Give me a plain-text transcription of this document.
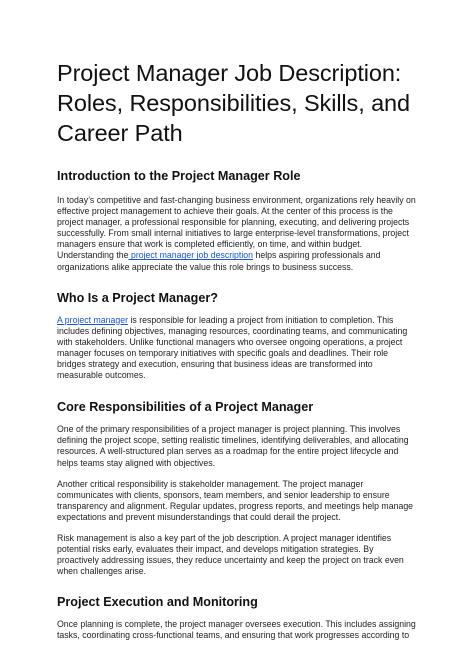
Project Manager Job Description:
Roles, Responsibilities, Skills, and
Career Path
Introduction to the Project Manager Role

In today’s competitive and fast-changing business environment, organizations rely heavily on
effective project management to achieve their goals. At the center of this process is the
project manager, a professional responsible for planning, executing, and delivering projects
successfully. From small internal initiatives to large enterprise-level transformations, project
managers ensure that work is completed efficiently, on time, and within budget.
Understanding the project manager job description helps aspiring professionals and
organizations alike appreciate the value this role brings to business success.

Who Is a Project Manager?

A project manager is responsible for leading a project from initiation to completion. This
includes defining objectives, managing resources, coordinating teams, and communicating
with stakeholders. Unlike functional managers who oversee ongoing operations, a project
manager focuses on temporary initiatives with specific goals and deadlines. Their role
bridges strategy and execution, ensuring that business ideas are transformed into
measurable outcomes.

Core Responsibilities of a Project Manager

One of the primary responsibilities of a project manager is project planning. This involves
defining the project scope, setting realistic timelines, identifying deliverables, and allocating
resources. A well-structured plan serves as a roadmap for the entire project lifecycle and
helps teams stay aligned with objectives.

Another critical responsibility is stakeholder management. The project manager
communicates with clients, sponsors, team members, and senior leadership to ensure
transparency and alignment. Regular updates, progress reports, and meetings help manage
expectations and prevent misunderstandings that could derail the project.

Risk management is also a key part of the job description. A project manager identifies
potential risks early, evaluates their impact, and develops mitigation strategies. By
proactively addressing issues, they reduce uncertainty and keep the project on track even
when challenges arise.

Project Execution and Monitoring

Once planning is complete, the project manager oversees execution. This includes assigning
tasks, coordinating cross-functional teams, and ensuring that work progresses according to
